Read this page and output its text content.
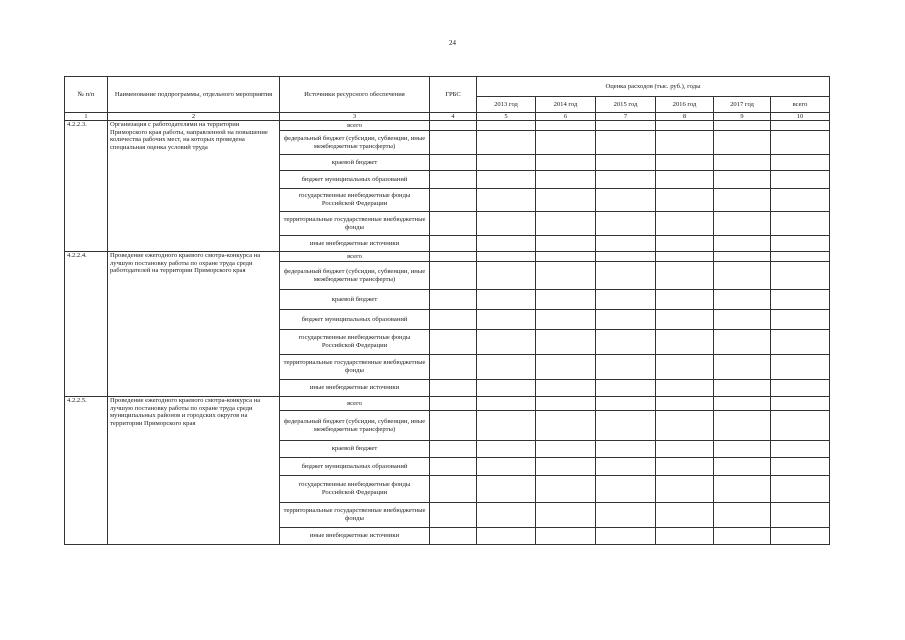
24
№ п/п	Наименование подпрограммы, отдельного мероприятия	Источники ресурсного обеспечения	ГРБС	Оценка расходов (тыс. руб.), годы					
				2013 год	2014 год	2015 год	2016 год	2017 год	всего
1	2	3	4	5	6	7	8	9	10
4.2.2.3.	Организация с работодателями на территории Приморского края работы, направленной на повышение количества рабочих мест, на которых проведена специальная оценка условий труда	всего							

		федеральный бюджет (субсидии, субвенции, иные межбюджетные трансферты)							

		краевой бюджет							
		бюджет муниципальных образований							
		государственные внебюджетные фонды Российской Федерации							
		территориальные государственные внебюджетные фонды							
		иные внебюджетные источники							
4.2.2.4.	Проведение ежегодного краевого смотра-конкурса на лучшую постановку работы по охране труда среди работодателей на территории Приморского края	всего							
		федеральный бюджет (субсидии, субвенции, иные межбюджетные трансферты)							
		краевой бюджет							
		бюджет муниципальных образований							
		государственные внебюджетные фонды Российской Федерации							
		территориальные государственные внебюджетные фонды							
		иные внебюджетные источники							
4.2.2.5.	Проведение ежегодного краевого смотра-конкурса на лучшую постановку работы по охране труда среди муниципальных районов и городских округов на территории Приморского края	всего							
		федеральный бюджет (субсидии, субвенции, иные межбюджетные трансферты)							
		краевой бюджет							
		бюджет муниципальных образований							
		государственные внебюджетные фонды Российской Федерации							
		территориальные государственные внебюджетные фонды							
		иные внебюджетные источники							
